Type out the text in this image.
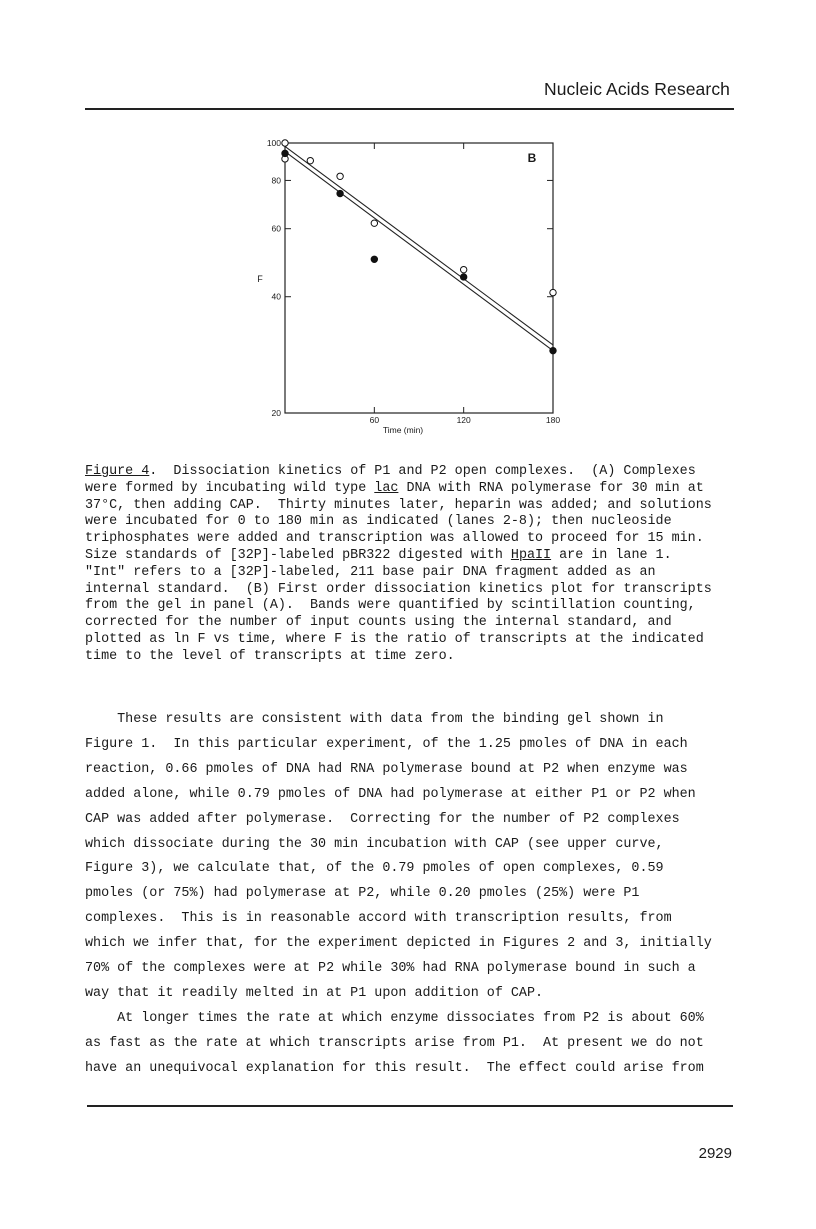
Nucleic Acids Research
20
40
60
80
100
60	120	180
B
F
Time (min)
Figure 4.  Dissociation kinetics of P1 and P2 open complexes.  (A) Complexes
were formed by incubating wild type lac DNA with RNA polymerase for 30 min at
37°C, then adding CAP.  Thirty minutes later, heparin was added; and solutions
were incubated for 0 to 180 min as indicated (lanes 2-8); then nucleoside
triphosphates were added and transcription was allowed to proceed for 15 min.
Size standards of [32P]-labeled pBR322 digested with HpaII are in lane 1.
"Int" refers to a [32P]-labeled, 211 base pair DNA fragment added as an
internal standard.  (B) First order dissociation kinetics plot for transcripts
from the gel in panel (A).  Bands were quantified by scintillation counting,
corrected for the number of input counts using the internal standard, and
plotted as ln F vs time, where F is the ratio of transcripts at the indicated
time to the level of transcripts at time zero.
These results are consistent with data from the binding gel shown in
Figure 1.  In this particular experiment, of the 1.25 pmoles of DNA in each
reaction, 0.66 pmoles of DNA had RNA polymerase bound at P2 when enzyme was
added alone, while 0.79 pmoles of DNA had polymerase at either P1 or P2 when
CAP was added after polymerase.  Correcting for the number of P2 complexes
which dissociate during the 30 min incubation with CAP (see upper curve,
Figure 3), we calculate that, of the 0.79 pmoles of open complexes, 0.59
pmoles (or 75%) had polymerase at P2, while 0.20 pmoles (25%) were P1
complexes.  This is in reasonable accord with transcription results, from
which we infer that, for the experiment depicted in Figures 2 and 3, initially
70% of the complexes were at P2 while 30% had RNA polymerase bound in such a
way that it readily melted in at P1 upon addition of CAP.
At longer times the rate at which enzyme dissociates from P2 is about 60%
as fast as the rate at which transcripts arise from P1.  At present we do not
have an unequivocal explanation for this result.  The effect could arise from
2929
